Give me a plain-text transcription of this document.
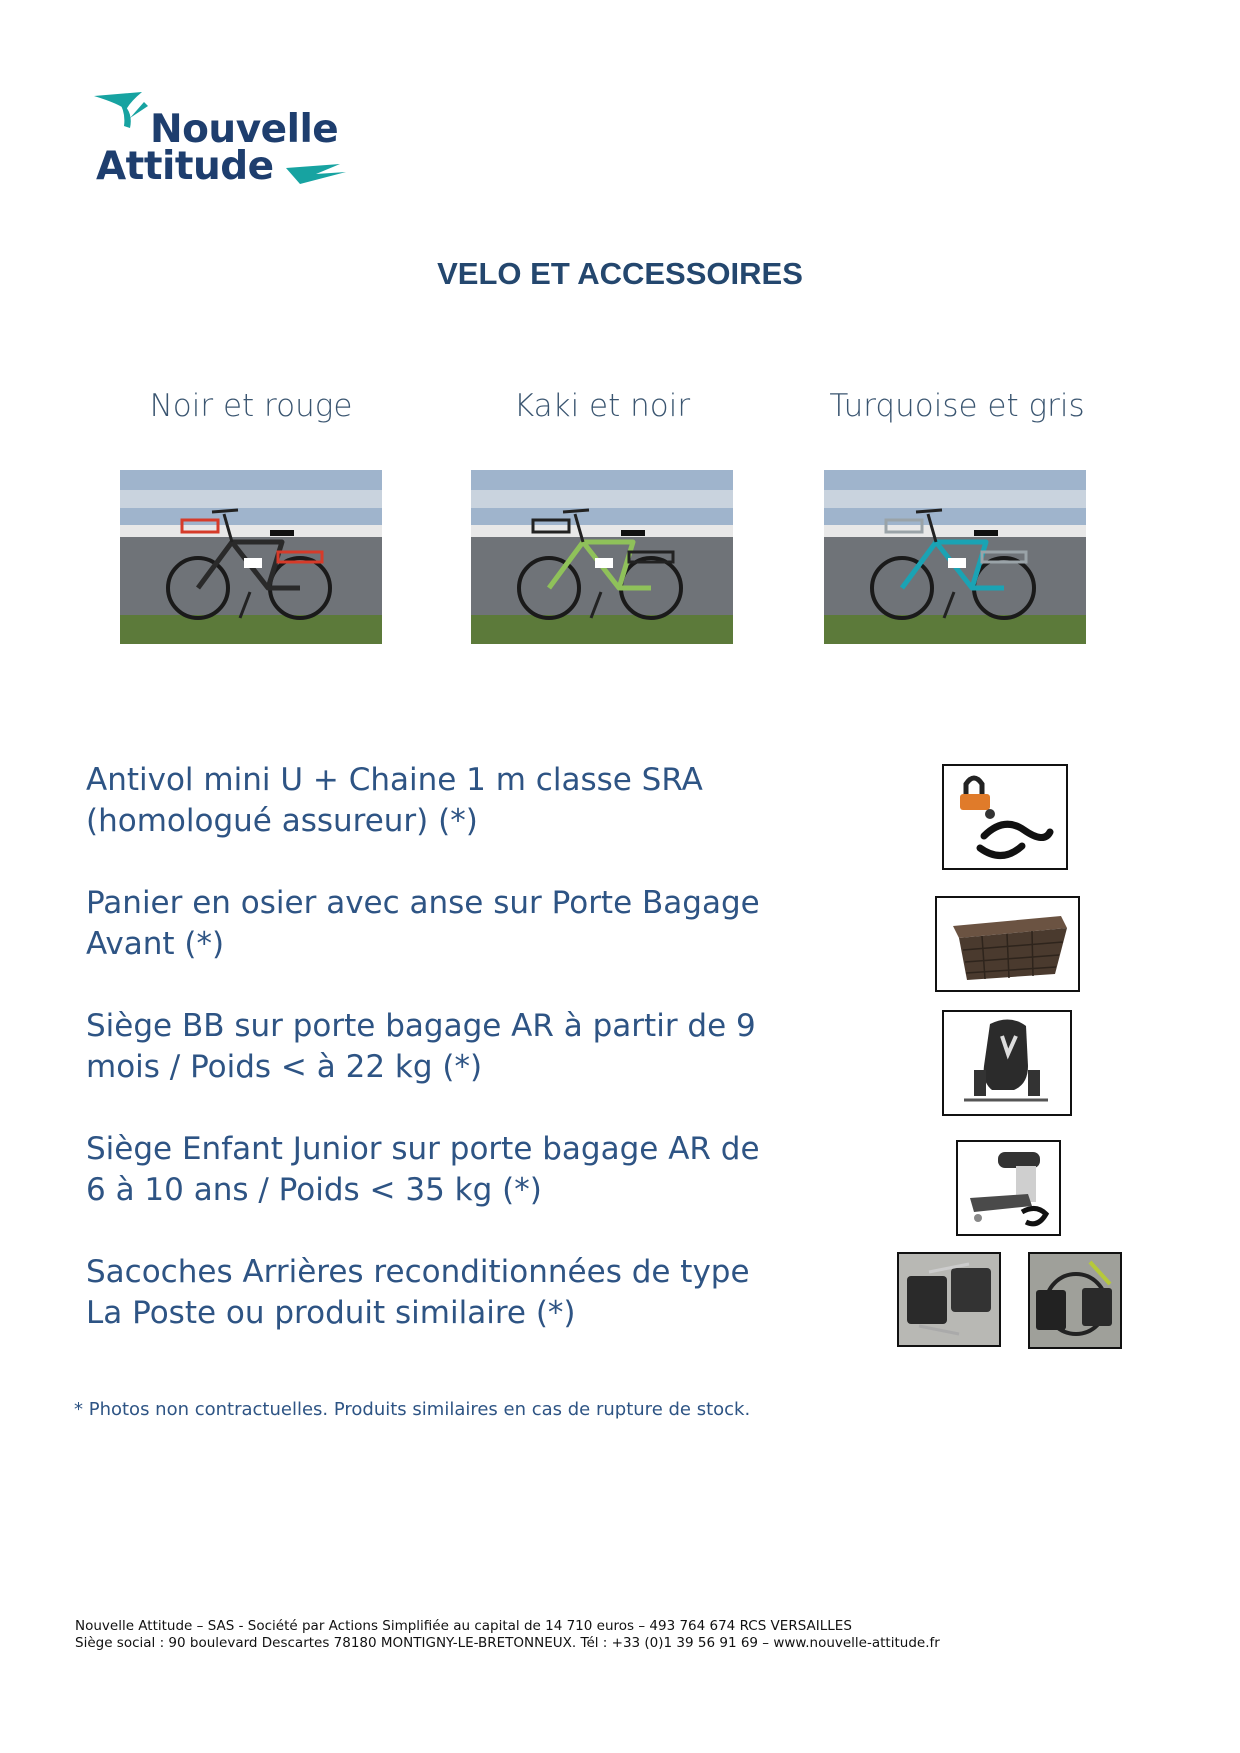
Nouvelle
Attitude
VELO ET ACCESSOIRES
Noir et rouge	Kaki et noir	Turquoise et gris
Antivol mini U + Chaine 1 m classe SRA
(homologué assureur) (*)
Panier en osier avec anse sur Porte Bagage
Avant (*)
Siège BB sur porte bagage AR à partir de 9
mois / Poids < à 22 kg (*)
Siège Enfant Junior sur porte bagage AR de
6 à 10 ans / Poids < 35 kg (*)
Sacoches Arrières reconditionnées de type
La Poste ou produit similaire (*)
* Photos non contractuelles. Produits similaires en cas de rupture de stock.
Nouvelle Attitude – SAS - Société par Actions Simplifiée au capital de 14 710 euros – 493 764 674 RCS VERSAILLES
Siège social : 90 boulevard Descartes 78180 MONTIGNY-LE-BRETONNEUX. Tél : +33 (0)1 39 56 91 69 – www.nouvelle-attitude.fr
